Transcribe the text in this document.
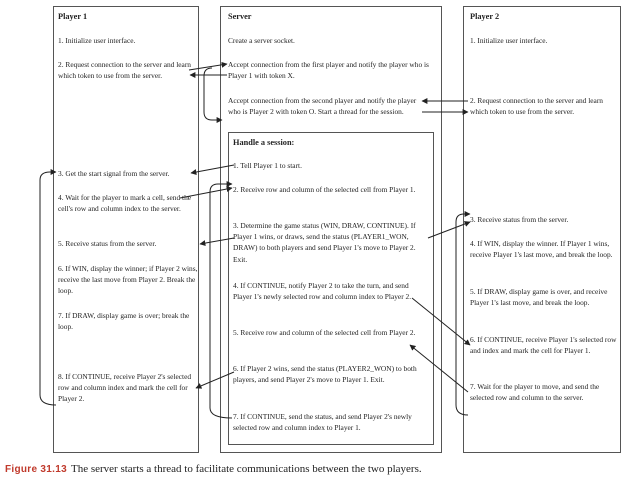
Player 1	Server	Player 2
Handle a session:
1. Initialize user interface.
2. Request connection to the server and learn which token to use from the server.
3. Get the start signal from the server.
4. Wait for the player to mark a cell, send the cell's row and column index to the server.
5. Receive status from the server.
6. If WIN, display the winner; if Player 2 wins, receive the last move from Player 2. Break the loop.
7. If DRAW, display game is over; break the loop.
8. If CONTINUE, receive Player 2's selected row and column index and mark the cell for Player 2.
Create a server socket.
Accept connection from the first player and notify the player who is Player 1 with token X.
Accept connection from the second player and notify the player who is Player 2 with token O. Start a thread for the session.
1. Tell Player 1 to start.
2. Receive row and column of the selected cell from Player 1.
3. Determine the game status (WIN, DRAW, CONTINUE). If Player 1 wins, or draws, send the status (PLAYER1_WON, DRAW) to both players and send Player 1's move to Player 2. Exit.
4. If CONTINUE, notify Player 2 to take the turn, and send Player 1's newly selected row and column index to Player 2.
5. Receive row and column of the selected cell from Player 2.
6. If Player 2 wins, send the status (PLAYER2_WON) to both players, and send Player 2's move to Player 1. Exit.
7. If CONTINUE, send the status, and send Player 2's newly selected row and column index to Player 1.
1. Initialize user interface.
2. Request connection to the server and learn which token to use from the server.
3. Receive status from the server.
4. If WIN, display the winner. If Player 1 wins, receive Player 1's last move, and break the loop.
5. If DRAW, display game is over, and receive Player 1's last move, and break the loop.
6. If CONTINUE, receive Player 1's selected row and index and mark the cell for Player 1.
7. Wait for the player to move, and send the selected row and column to the server.
Figure 31.13 The server starts a thread to facilitate communications between the two players.
